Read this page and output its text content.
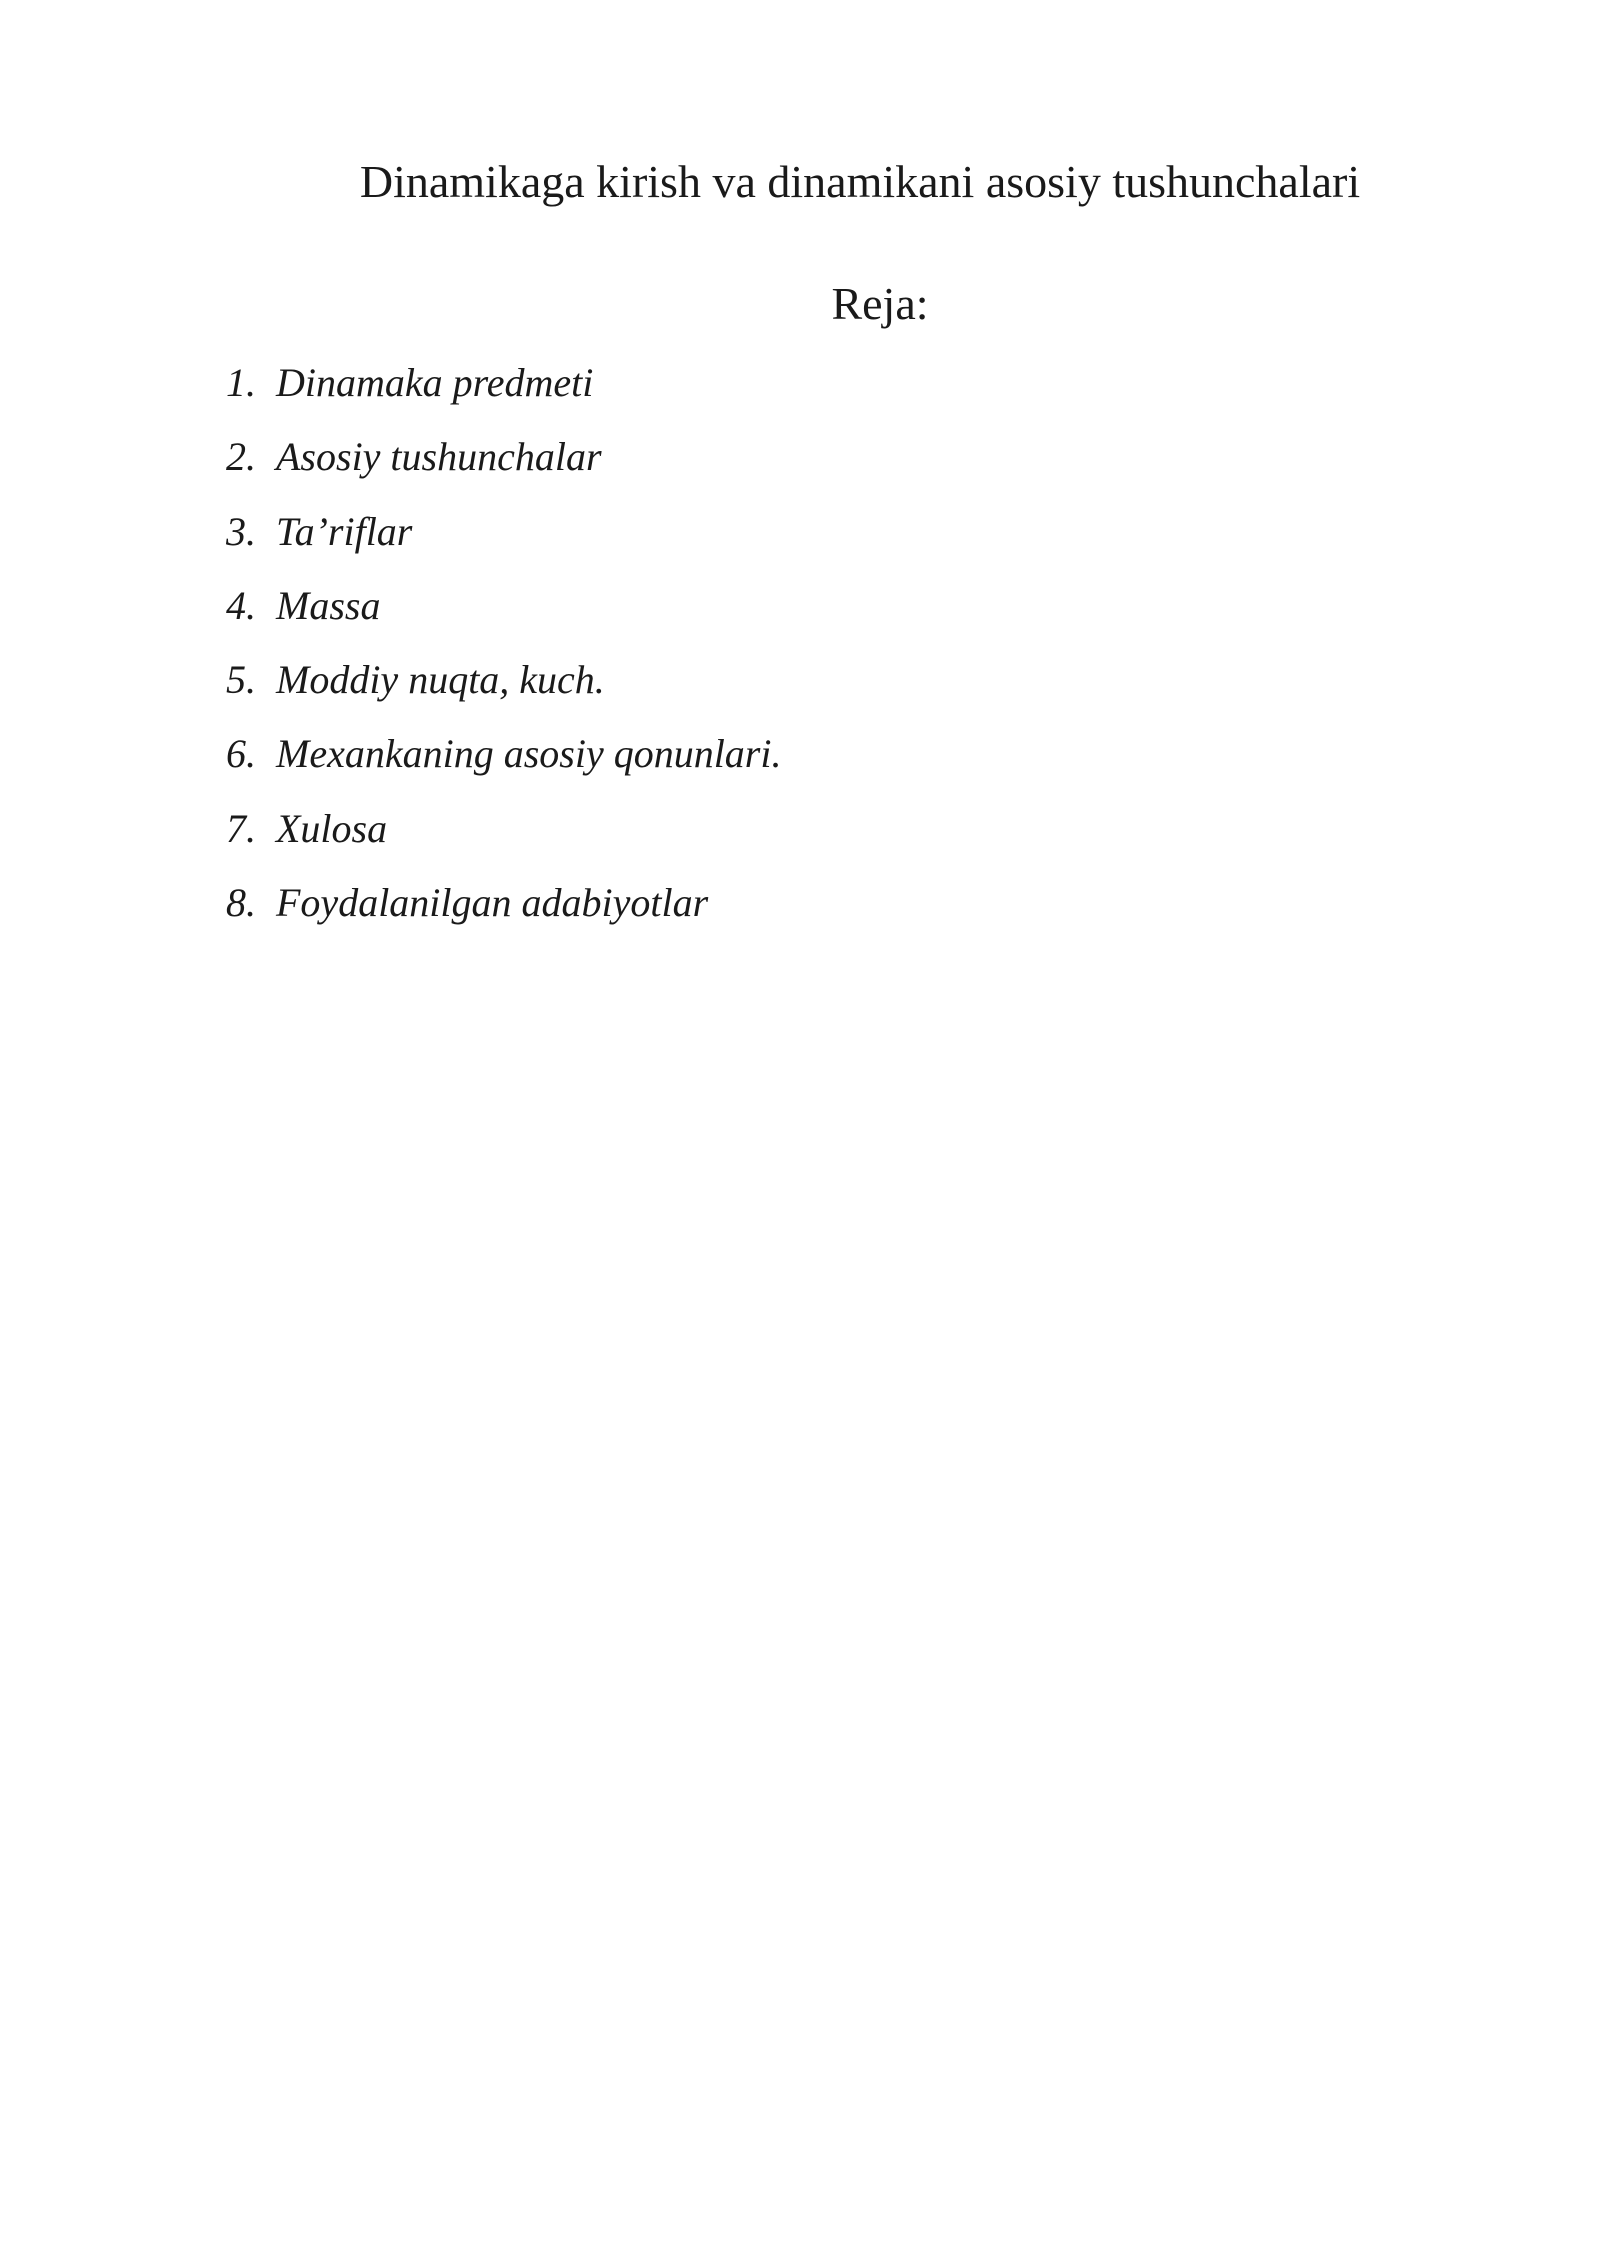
Dinamikaga kirish va dinamikani asosiy tushunchalari
Reja:
1. Dinamaka predmeti
2. Asosiy tushunchalar
3. Ta’riflar
4. Massa
5. Moddiy nuqta, kuch.
6. Mexankaning asosiy qonunlari.
7. Xulosa
8. Foydalanilgan adabiyotlar
